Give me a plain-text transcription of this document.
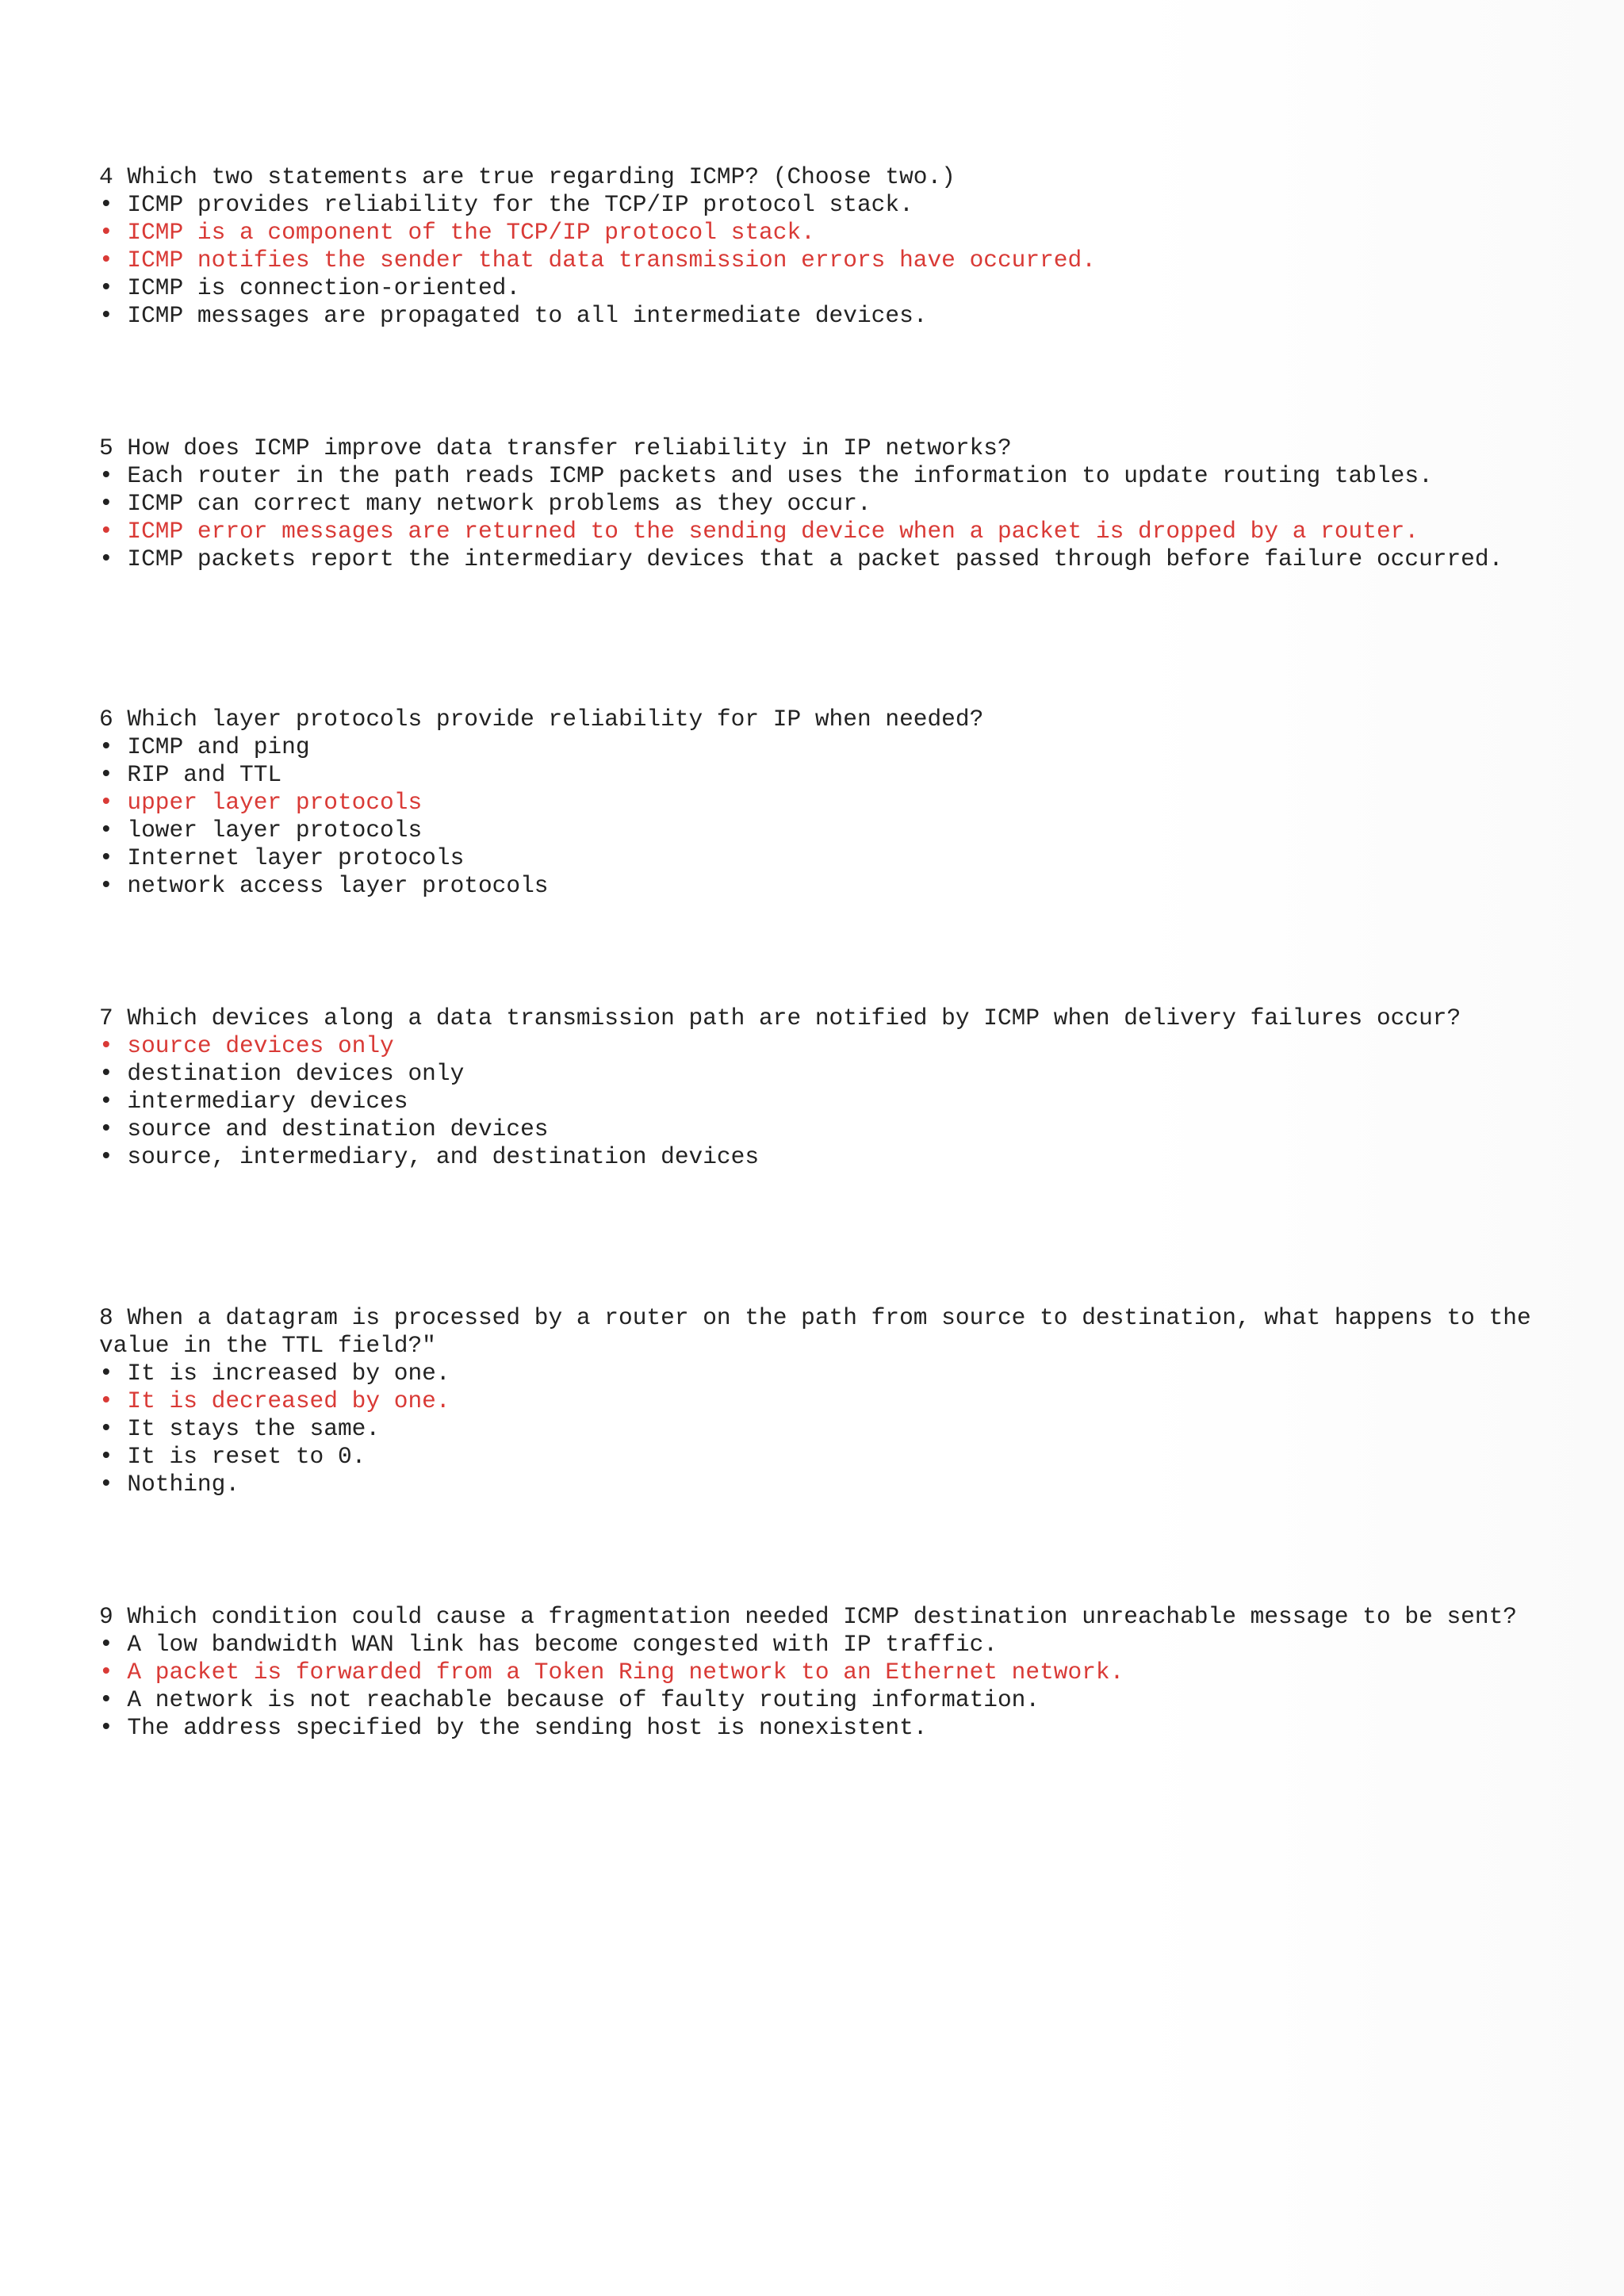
4 Which two statements are true regarding ICMP? (Choose two.)

• ICMP provides reliability for the TCP/IP protocol stack.

• ICMP is a component of the TCP/IP protocol stack.

• ICMP notifies the sender that data transmission errors have occurred.

• ICMP is connection-oriented.

• ICMP messages are propagated to all intermediate devices.

5 How does ICMP improve data transfer reliability in IP networks?

• Each router in the path reads ICMP packets and uses the information to update routing tables.

• ICMP can correct many network problems as they occur.

• ICMP error messages are returned to the sending device when a packet is dropped by a router.

• ICMP packets report the intermediary devices that a packet passed through before failure occurred.

6 Which layer protocols provide reliability for IP when needed?

• ICMP and ping

• RIP and TTL

• upper layer protocols

• lower layer protocols

• Internet layer protocols

• network access layer protocols

7 Which devices along a data transmission path are notified by ICMP when delivery failures occur?

• source devices only

• destination devices only

• intermediary devices

• source and destination devices

• source, intermediary, and destination devices

8 When a datagram is processed by a router on the path from source to destination, what happens to the value in the TTL field?"

• It is increased by one.

• It is decreased by one.

• It stays the same.

• It is reset to 0.

• Nothing.

9 Which condition could cause a fragmentation needed ICMP destination unreachable message to be sent?

• A low bandwidth WAN link has become congested with IP traffic.

• A packet is forwarded from a Token Ring network to an Ethernet network.

• A network is not reachable because of faulty routing information.

• The address specified by the sending host is nonexistent.
